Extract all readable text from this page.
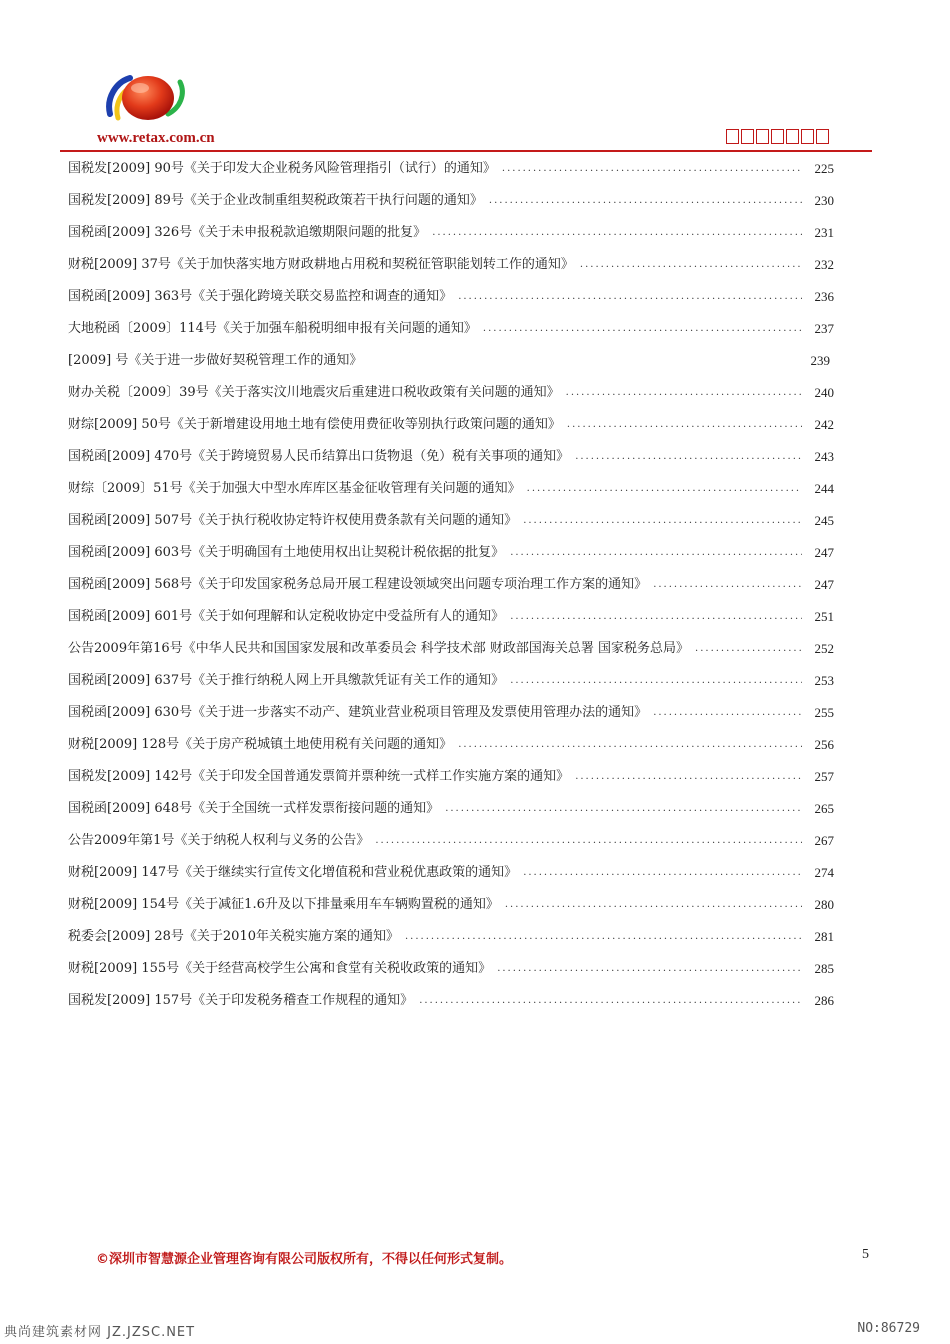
www.retax.com.cn
国税发[2009] 90号《关于印发大企业税务风险管理指引（试行）的通知》 .....	225
国税发[2009] 89号《关于企业改制重组契税政策若干执行问题的通知》 .....	230
国税函[2009] 326号《关于未申报税款追缴期限问题的批复》 .....	231
财税[2009] 37号《关于加快落实地方财政耕地占用税和契税征管职能划转工作的通知》 .....	232
国税函[2009] 363号《关于强化跨境关联交易监控和调查的通知》 .....	236
大地税函〔2009〕114号《关于加强车船税明细申报有关问题的通知》 .....	237
[2009] 号《关于进一步做好契税管理工作的通知》	239
财办关税〔2009〕39号《关于落实汶川地震灾后重建进口税收政策有关问题的通知》 .....	240
财综[2009] 50号《关于新增建设用地土地有偿使用费征收等别执行政策问题的通知》 .....	242
国税函[2009] 470号《关于跨境贸易人民币结算出口货物退（免）税有关事项的通知》 .....	243
财综〔2009〕51号《关于加强大中型水库库区基金征收管理有关问题的通知》 .....	244
国税函[2009] 507号《关于执行税收协定特许权使用费条款有关问题的通知》 .....	245
国税函[2009] 603号《关于明确国有土地使用权出让契税计税依据的批复》 .....	247
国税函[2009] 568号《关于印发国家税务总局开展工程建设领域突出问题专项治理工作方案的通知》 .....	247
国税函[2009] 601号《关于如何理解和认定税收协定中受益所有人的通知》 .....	251
公告2009年第16号《中华人民共和国国家发展和改革委员会 科学技术部 财政部国海关总署 国家税务总局》 .....	252
国税函[2009] 637号《关于推行纳税人网上开具缴款凭证有关工作的通知》 .....	253
国税函[2009] 630号《关于进一步落实不动产、建筑业营业税项目管理及发票使用管理办法的通知》 .....	255
财税[2009] 128号《关于房产税城镇土地使用税有关问题的通知》 .....	256
国税发[2009] 142号《关于印发全国普通发票简并票种统一式样工作实施方案的通知》 .....	257
国税函[2009] 648号《关于全国统一式样发票衔接问题的通知》 .....	265
公告2009年第1号《关于纳税人权利与义务的公告》 .....	267
财税[2009] 147号《关于继续实行宣传文化增值税和营业税优惠政策的通知》 .....	274
财税[2009] 154号《关于减征1.6升及以下排量乘用车车辆购置税的通知》 .....	280
税委会[2009] 28号《关于2010年关税实施方案的通知》 .....	281
财税[2009] 155号《关于经营高校学生公寓和食堂有关税收政策的通知》 .....	285
国税发[2009] 157号《关于印发税务稽查工作规程的通知》 .....	286
©深圳市智慧源企业管理咨询有限公司版权所有，不得以任何形式复制。	5
典尚建筑素材网 JZ.JZSC.NET	NO:86729
